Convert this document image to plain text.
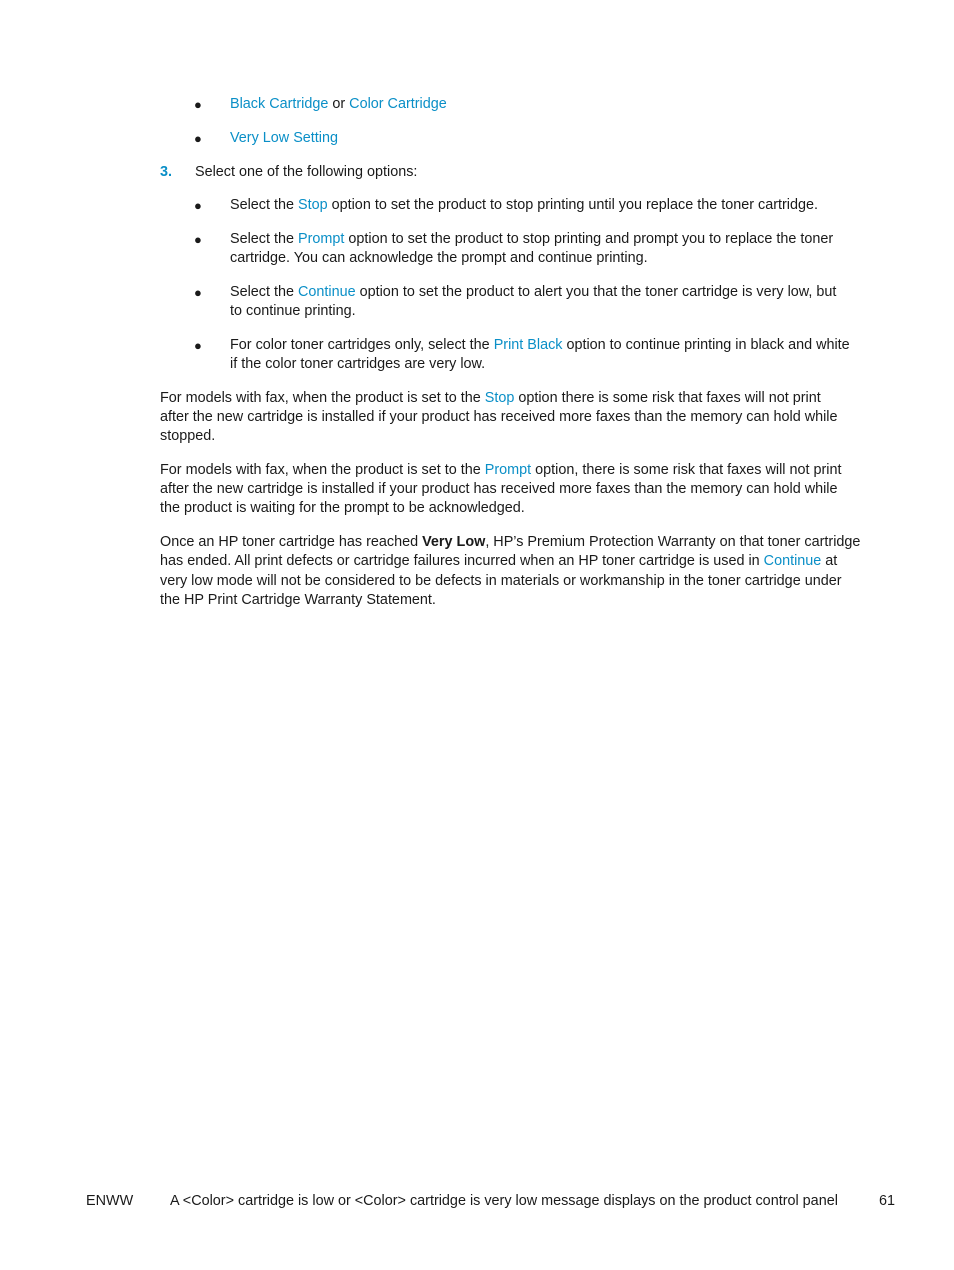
● Black Cartridge or Color Cartridge
● Very Low Setting
3. Select one of the following options:
● Select the Stop option to set the product to stop printing until you replace the toner cartridge.
● Select the Prompt option to set the product to stop printing and prompt you to replace the toner
cartridge. You can acknowledge the prompt and continue printing.
● Select the Continue option to set the product to alert you that the toner cartridge is very low, but
to continue printing.
● For color toner cartridges only, select the Print Black option to continue printing in black and white
if the color toner cartridges are very low.
For models with fax, when the product is set to the Stop option there is some risk that faxes will not print
after the new cartridge is installed if your product has received more faxes than the memory can hold while
stopped.
For models with fax, when the product is set to the Prompt option, there is some risk that faxes will not print
after the new cartridge is installed if your product has received more faxes than the memory can hold while
the product is waiting for the prompt to be acknowledged.
Once an HP toner cartridge has reached Very Low, HP’s Premium Protection Warranty on that toner cartridge
has ended. All print defects or cartridge failures incurred when an HP toner cartridge is used in Continue at
very low mode will not be considered to be defects in materials or workmanship in the toner cartridge under
the HP Print Cartridge Warranty Statement.
ENWW	A <Color> cartridge is low or <Color> cartridge is very low message displays on the product control panel	61
